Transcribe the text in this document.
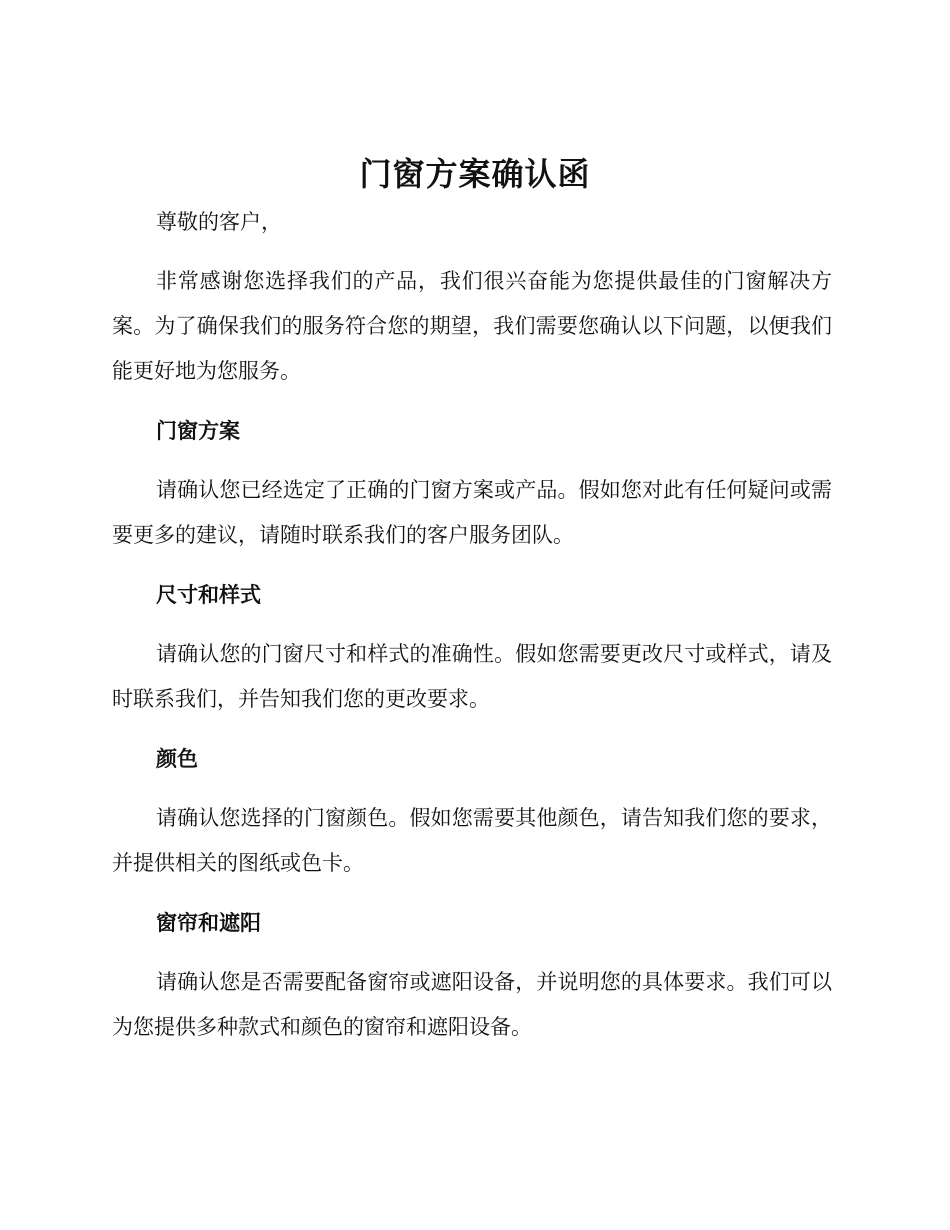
门窗方案确认函

尊敬的客户，

非常感谢您选择我们的产品，我们很兴奋能为您提供最佳的门窗解决方案。为了确保我们的服务符合您的期望，我们需要您确认以下问题，以便我们能更好地为您服务。

门窗方案

请确认您已经选定了正确的门窗方案或产品。假如您对此有任何疑问或需要更多的建议，请随时联系我们的客户服务团队。

尺寸和样式

请确认您的门窗尺寸和样式的准确性。假如您需要更改尺寸或样式，请及时联系我们，并告知我们您的更改要求。

颜色

请确认您选择的门窗颜色。假如您需要其他颜色，请告知我们您的要求，并提供相关的图纸或色卡。

窗帘和遮阳

请确认您是否需要配备窗帘或遮阳设备，并说明您的具体要求。我们可以为您提供多种款式和颜色的窗帘和遮阳设备。
